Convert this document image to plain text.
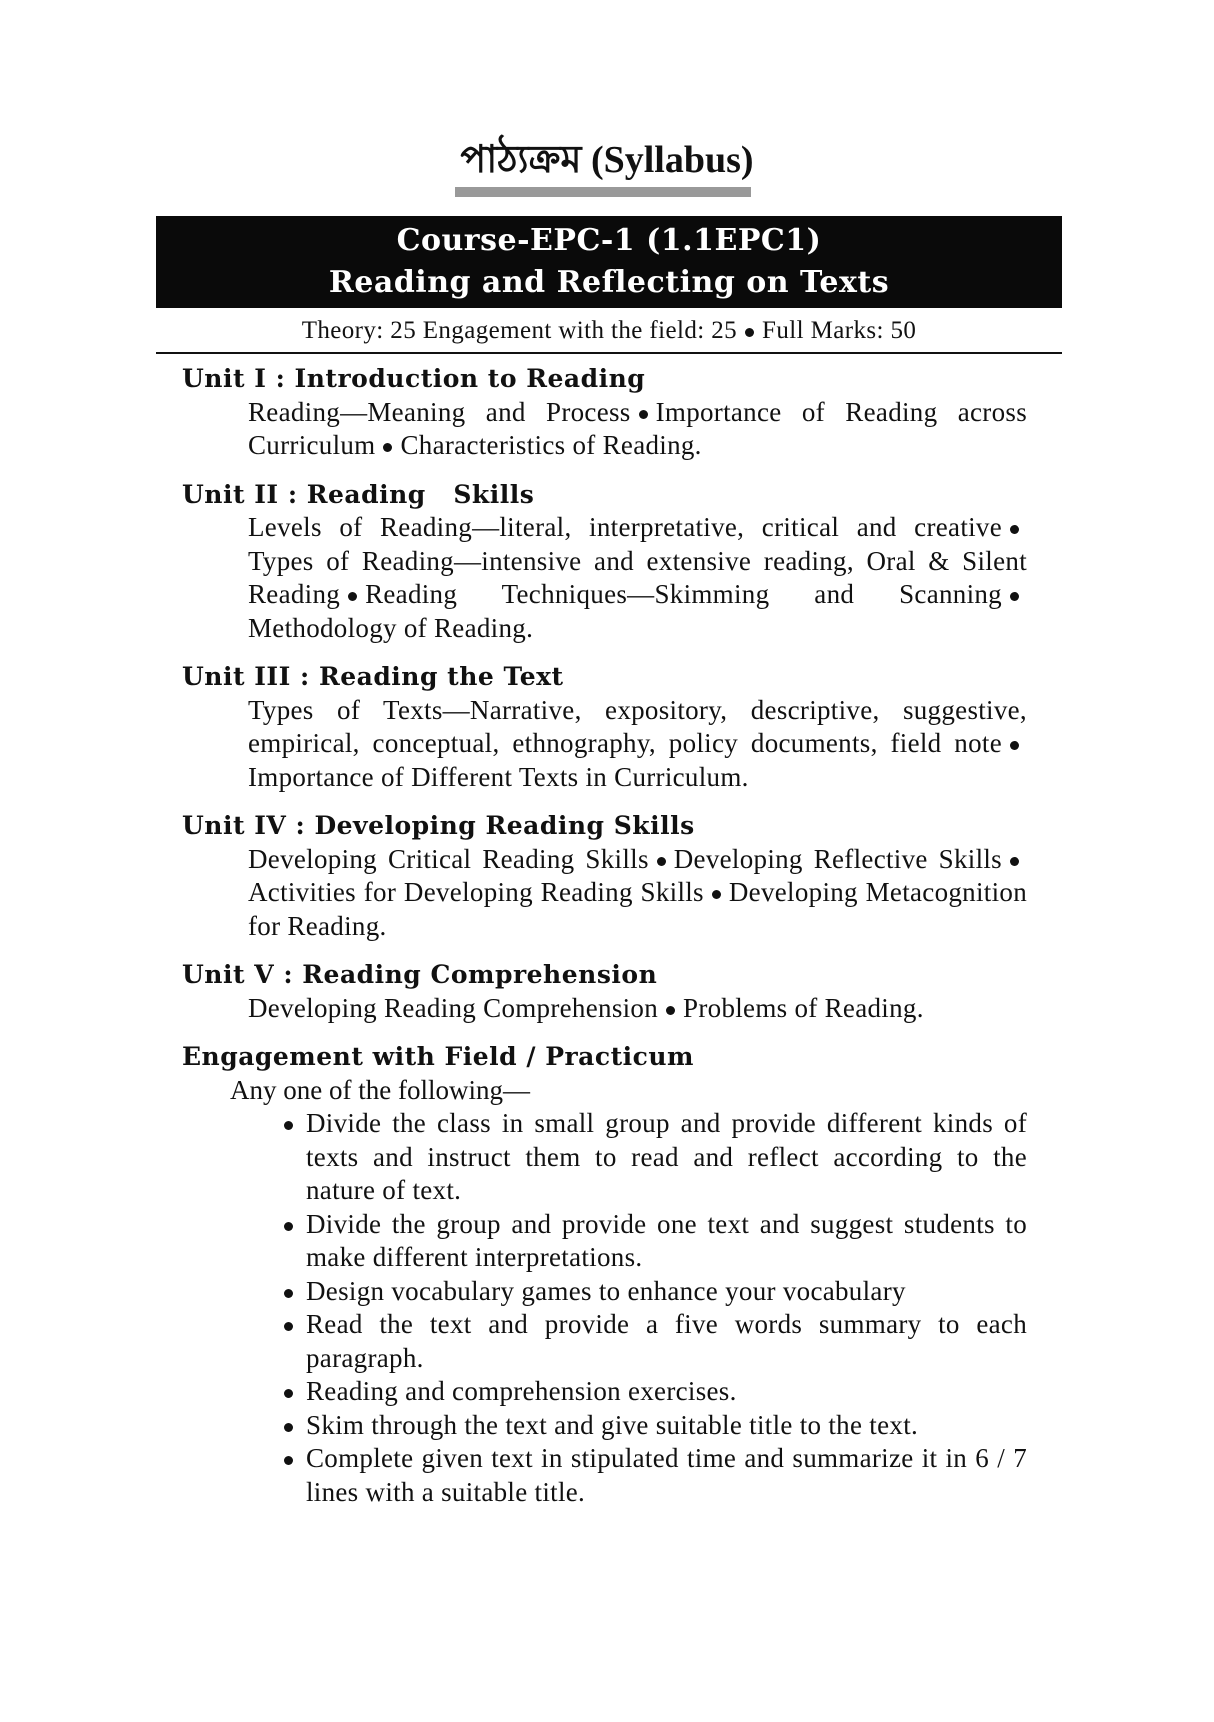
পাঠ্যক্রম (Syllabus)
Course-EPC-1 (1.1EPC1)
Reading and Reflecting on Texts
Theory: 25 Engagement with the field: 25 Full Marks: 50
Unit I : Introduction to Reading
Reading—Meaning and Process Importance of Reading across Curriculum Characteristics of Reading.
Unit II : Reading   Skills
Levels of Reading—literal, interpretative, critical and creativeTypes of Reading—intensive and extensive reading, Oral & Silent Reading Reading Techniques—Skimming and ScanningMethodology of Reading.
Unit III : Reading the Text
Types of Texts—Narrative, expository, descriptive, suggestive, empirical, conceptual, ethnography, policy documents, field noteImportance of Different Texts in Curriculum.
Unit IV : Developing Reading Skills
Developing Critical Reading Skills Developing Reflective SkillsActivities for Developing Reading Skills Developing Metacognition for Reading.
Unit V : Reading Comprehension
Developing Reading Comprehension Problems of Reading.
Engagement with Field / Practicum
Any one of the following—
Divide the class in small group and provide different kinds of texts and instruct them to read and reflect according to the nature of text.
Divide the group and provide one text and suggest students to make different interpretations.
Design vocabulary games to enhance your vocabulary
Read the text and provide a five words summary to each paragraph.
Reading and comprehension exercises.
Skim through the text and give suitable title to the text.
Complete given text in stipulated time and summarize it in 6 / 7 lines with a suitable title.
